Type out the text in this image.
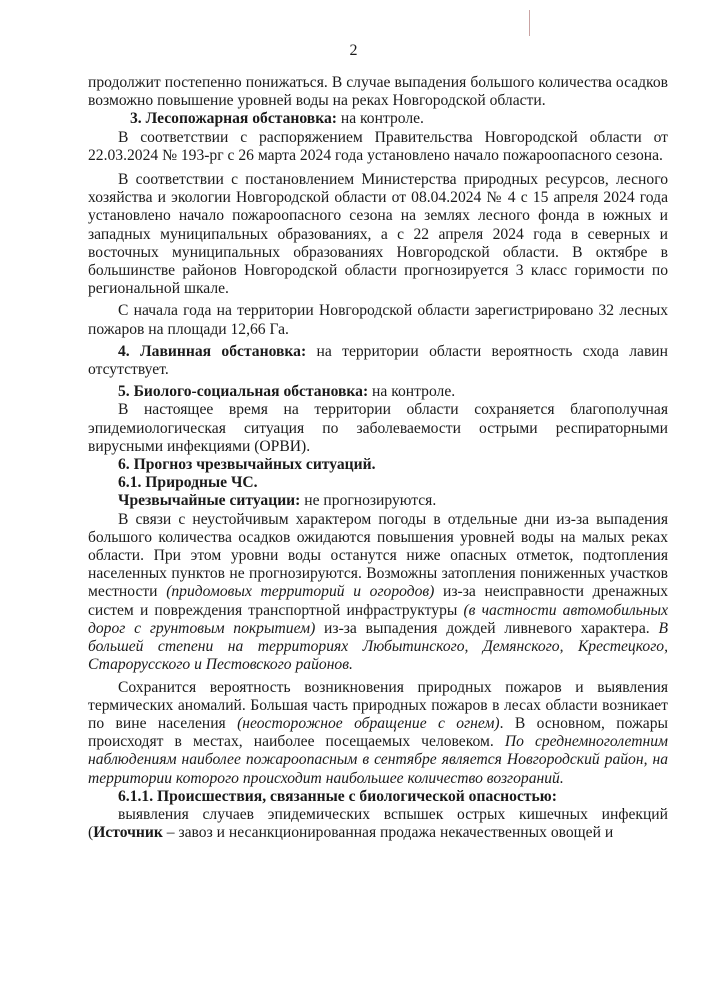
2

продолжит постепенно понижаться. В случае выпадения большого количества осадков возможно повышение уровней воды на реках Новгородской области.

3. Лесопожарная обстановка: на контроле.

В соответствии с распоряжением Правительства Новгородской области от 22.03.2024 № 193-рг с 26 марта 2024 года установлено начало пожароопасного сезона.

В соответствии с постановлением Министерства природных ресурсов, лесного хозяйства и экологии Новгородской области от 08.04.2024 № 4 с 15 апреля 2024 года установлено начало пожароопасного сезона на землях лесного фонда в южных и западных муниципальных образованиях, а с 22 апреля 2024 года в северных и восточных муниципальных образованиях Новгородской области. В октябре в большинстве районов Новгородской области прогнозируется 3 класс горимости по региональной шкале.

С начала года на территории Новгородской области зарегистрировано 32 лесных пожаров на площади 12,66 Га.

4. Лавинная обстановка: на территории области вероятность схода лавин отсутствует.

5. Биолого-социальная обстановка: на контроле.

В настоящее время на территории области сохраняется благополучная эпидемиологическая ситуация по заболеваемости острыми респираторными вирусными инфекциями (ОРВИ).

6. Прогноз чрезвычайных ситуаций.

6.1. Природные ЧС.

Чрезвычайные ситуации: не прогнозируются.

В связи с неустойчивым характером погоды в отдельные дни из-за выпадения большого количества осадков ожидаются повышения уровней воды на малых реках области. При этом уровни воды останутся ниже опасных отметок, подтопления населенных пунктов не прогнозируются. Возможны затопления пониженных участков местности (придомовых территорий и огородов) из-за неисправности дренажных систем и повреждения транспортной инфраструктуры (в частности автомобильных дорог с грунтовым покрытием) из-за выпадения дождей ливневого характера. В большей степени на территориях Любытинского, Демянского, Крестецкого, Старорусского и Пестовского районов.

Сохранится вероятность возникновения природных пожаров и выявления термических аномалий. Большая часть природных пожаров в лесах области возникает по вине населения (неосторожное обращение с огнем). В основном, пожары происходят в местах, наиболее посещаемых человеком. По среднемноголетним наблюдениям наиболее пожароопасным в сентябре является Новгородский район, на территории которого происходит наибольшее количество возгораний.

6.1.1. Происшествия, связанные с биологической опасностью:

выявления случаев эпидемических вспышек острых кишечных инфекций (Источник – завоз и несанкционированная продажа некачественных овощей и
